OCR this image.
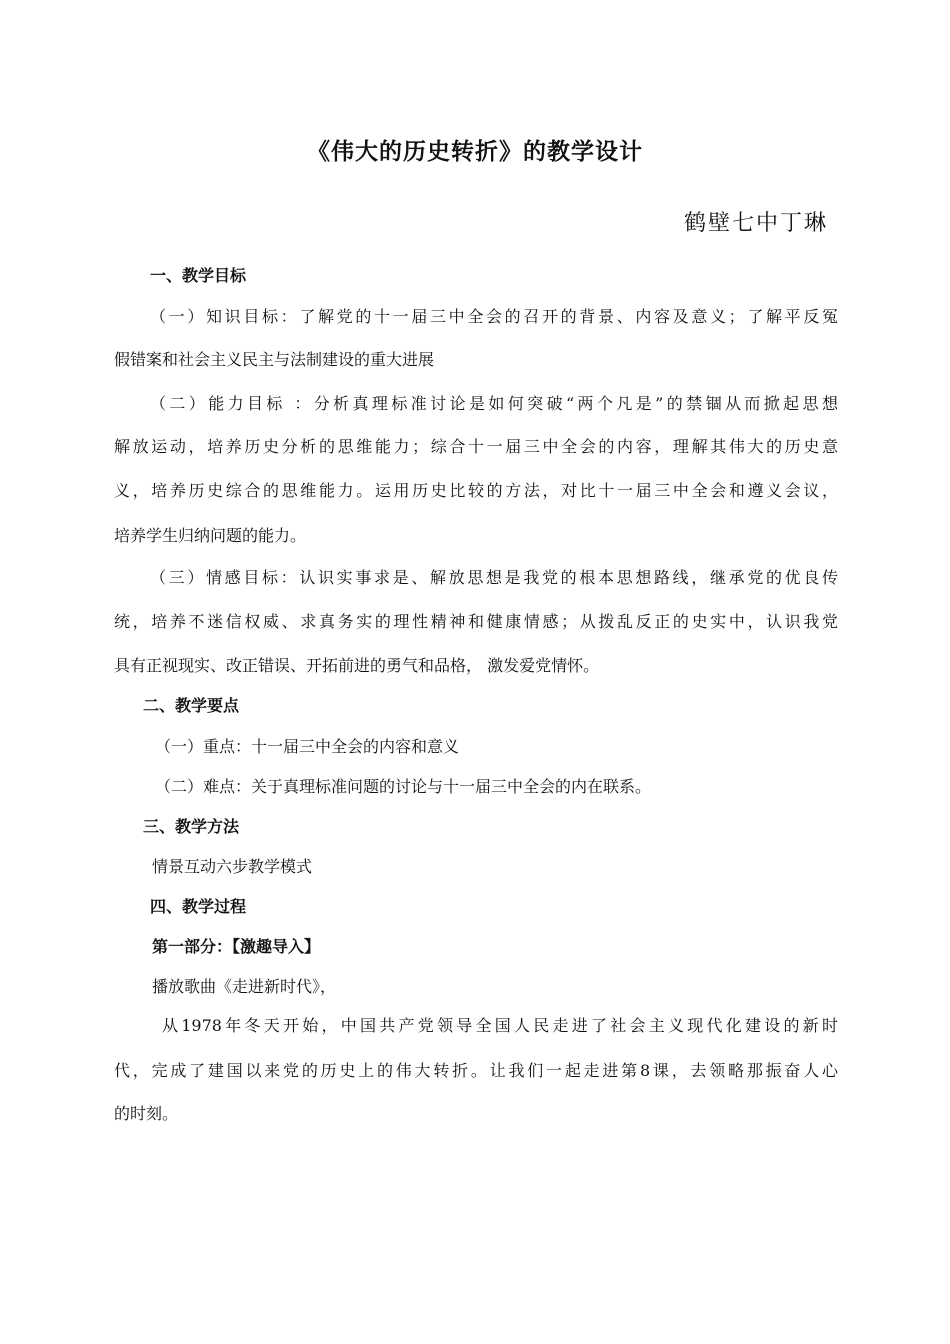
《伟大的历史转折》的教学设计
鹤壁七中丁琳
一、教学目标
（一）知识目标：了解党的十一届三中全会的召开的背景、内容及意义；了解平反冤
假错案和社会主义民主与法制建设的重大进展
（二）能力目标 ：分析真理标准讨论是如何突破“两个凡是”的禁锢从而掀起思想
解放运动，培养历史分析的思维能力；综合十一届三中全会的内容，理解其伟大的历史意
义，培养历史综合的思维能力。运用历史比较的方法，对比十一届三中全会和遵义会议，
培养学生归纳问题的能力。
（三）情感目标：认识实事求是、解放思想是我党的根本思想路线，继承党的优良传
统，培养不迷信权威、求真务实的理性精神和健康情感；从拨乱反正的史实中，认识我党
具有正视现实、改正错误、开拓前进的勇气和品格， 激发爱党情怀。
二、教学要点
（一）重点：十一届三中全会的内容和意义
（二）难点：关于真理标准问题的讨论与十一届三中全会的内在联系。
三、教学方法
情景互动六步教学模式
四、教学过程
第一部分：【激趣导入】
播放歌曲《走进新时代》，
从1978年冬天开始，中国共产党领导全国人民走进了社会主义现代化建设的新时
代，完成了建国以来党的历史上的伟大转折。让我们一起走进第8课，去领略那振奋人心
的时刻。
